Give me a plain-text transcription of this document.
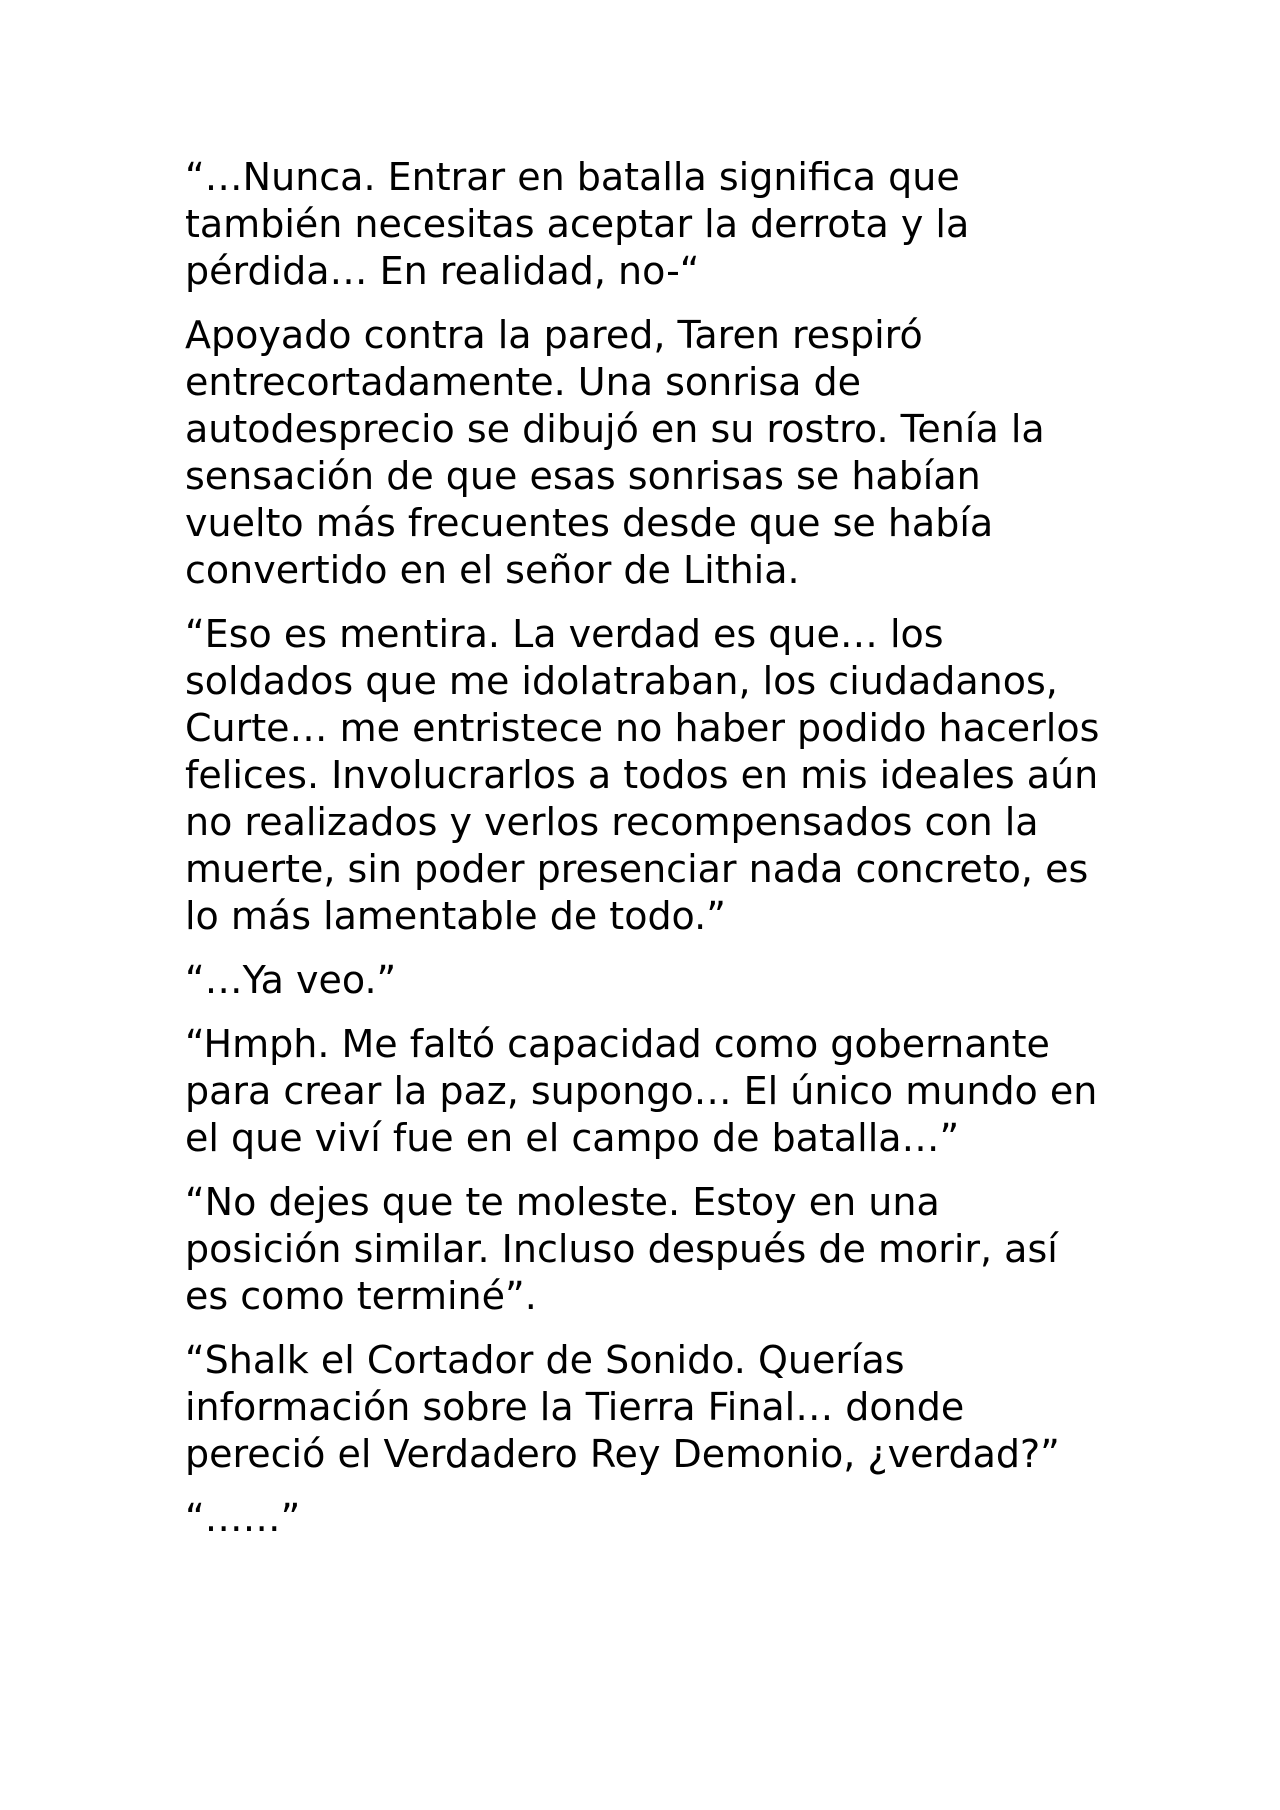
“…Nunca. Entrar en batalla significa que también necesitas aceptar la derrota y la pérdida… En realidad, no-“

Apoyado contra la pared, Taren respiró entrecortadamente. Una sonrisa de autodesprecio se dibujó en su rostro. Tenía la sensación de que esas sonrisas se habían vuelto más frecuentes desde que se había convertido en el señor de Lithia.

“Eso es mentira. La verdad es que… los soldados que me idolatraban, los ciudadanos, Curte… me entristece no haber podido hacerlos felices. Involucrarlos a todos en mis ideales aún no realizados y verlos recompensados con la muerte, sin poder presenciar nada concreto, es lo más lamentable de todo.”

“…Ya veo.”

“Hmph. Me faltó capacidad como gobernante para crear la paz, supongo… El único mundo en el que viví fue en el campo de batalla…”

“No dejes que te moleste. Estoy en una posición similar. Incluso después de morir, así es como terminé”.

“Shalk el Cortador de Sonido. Querías información sobre la Tierra Final… donde pereció el Verdadero Rey Demonio, ¿verdad?”

“……”
